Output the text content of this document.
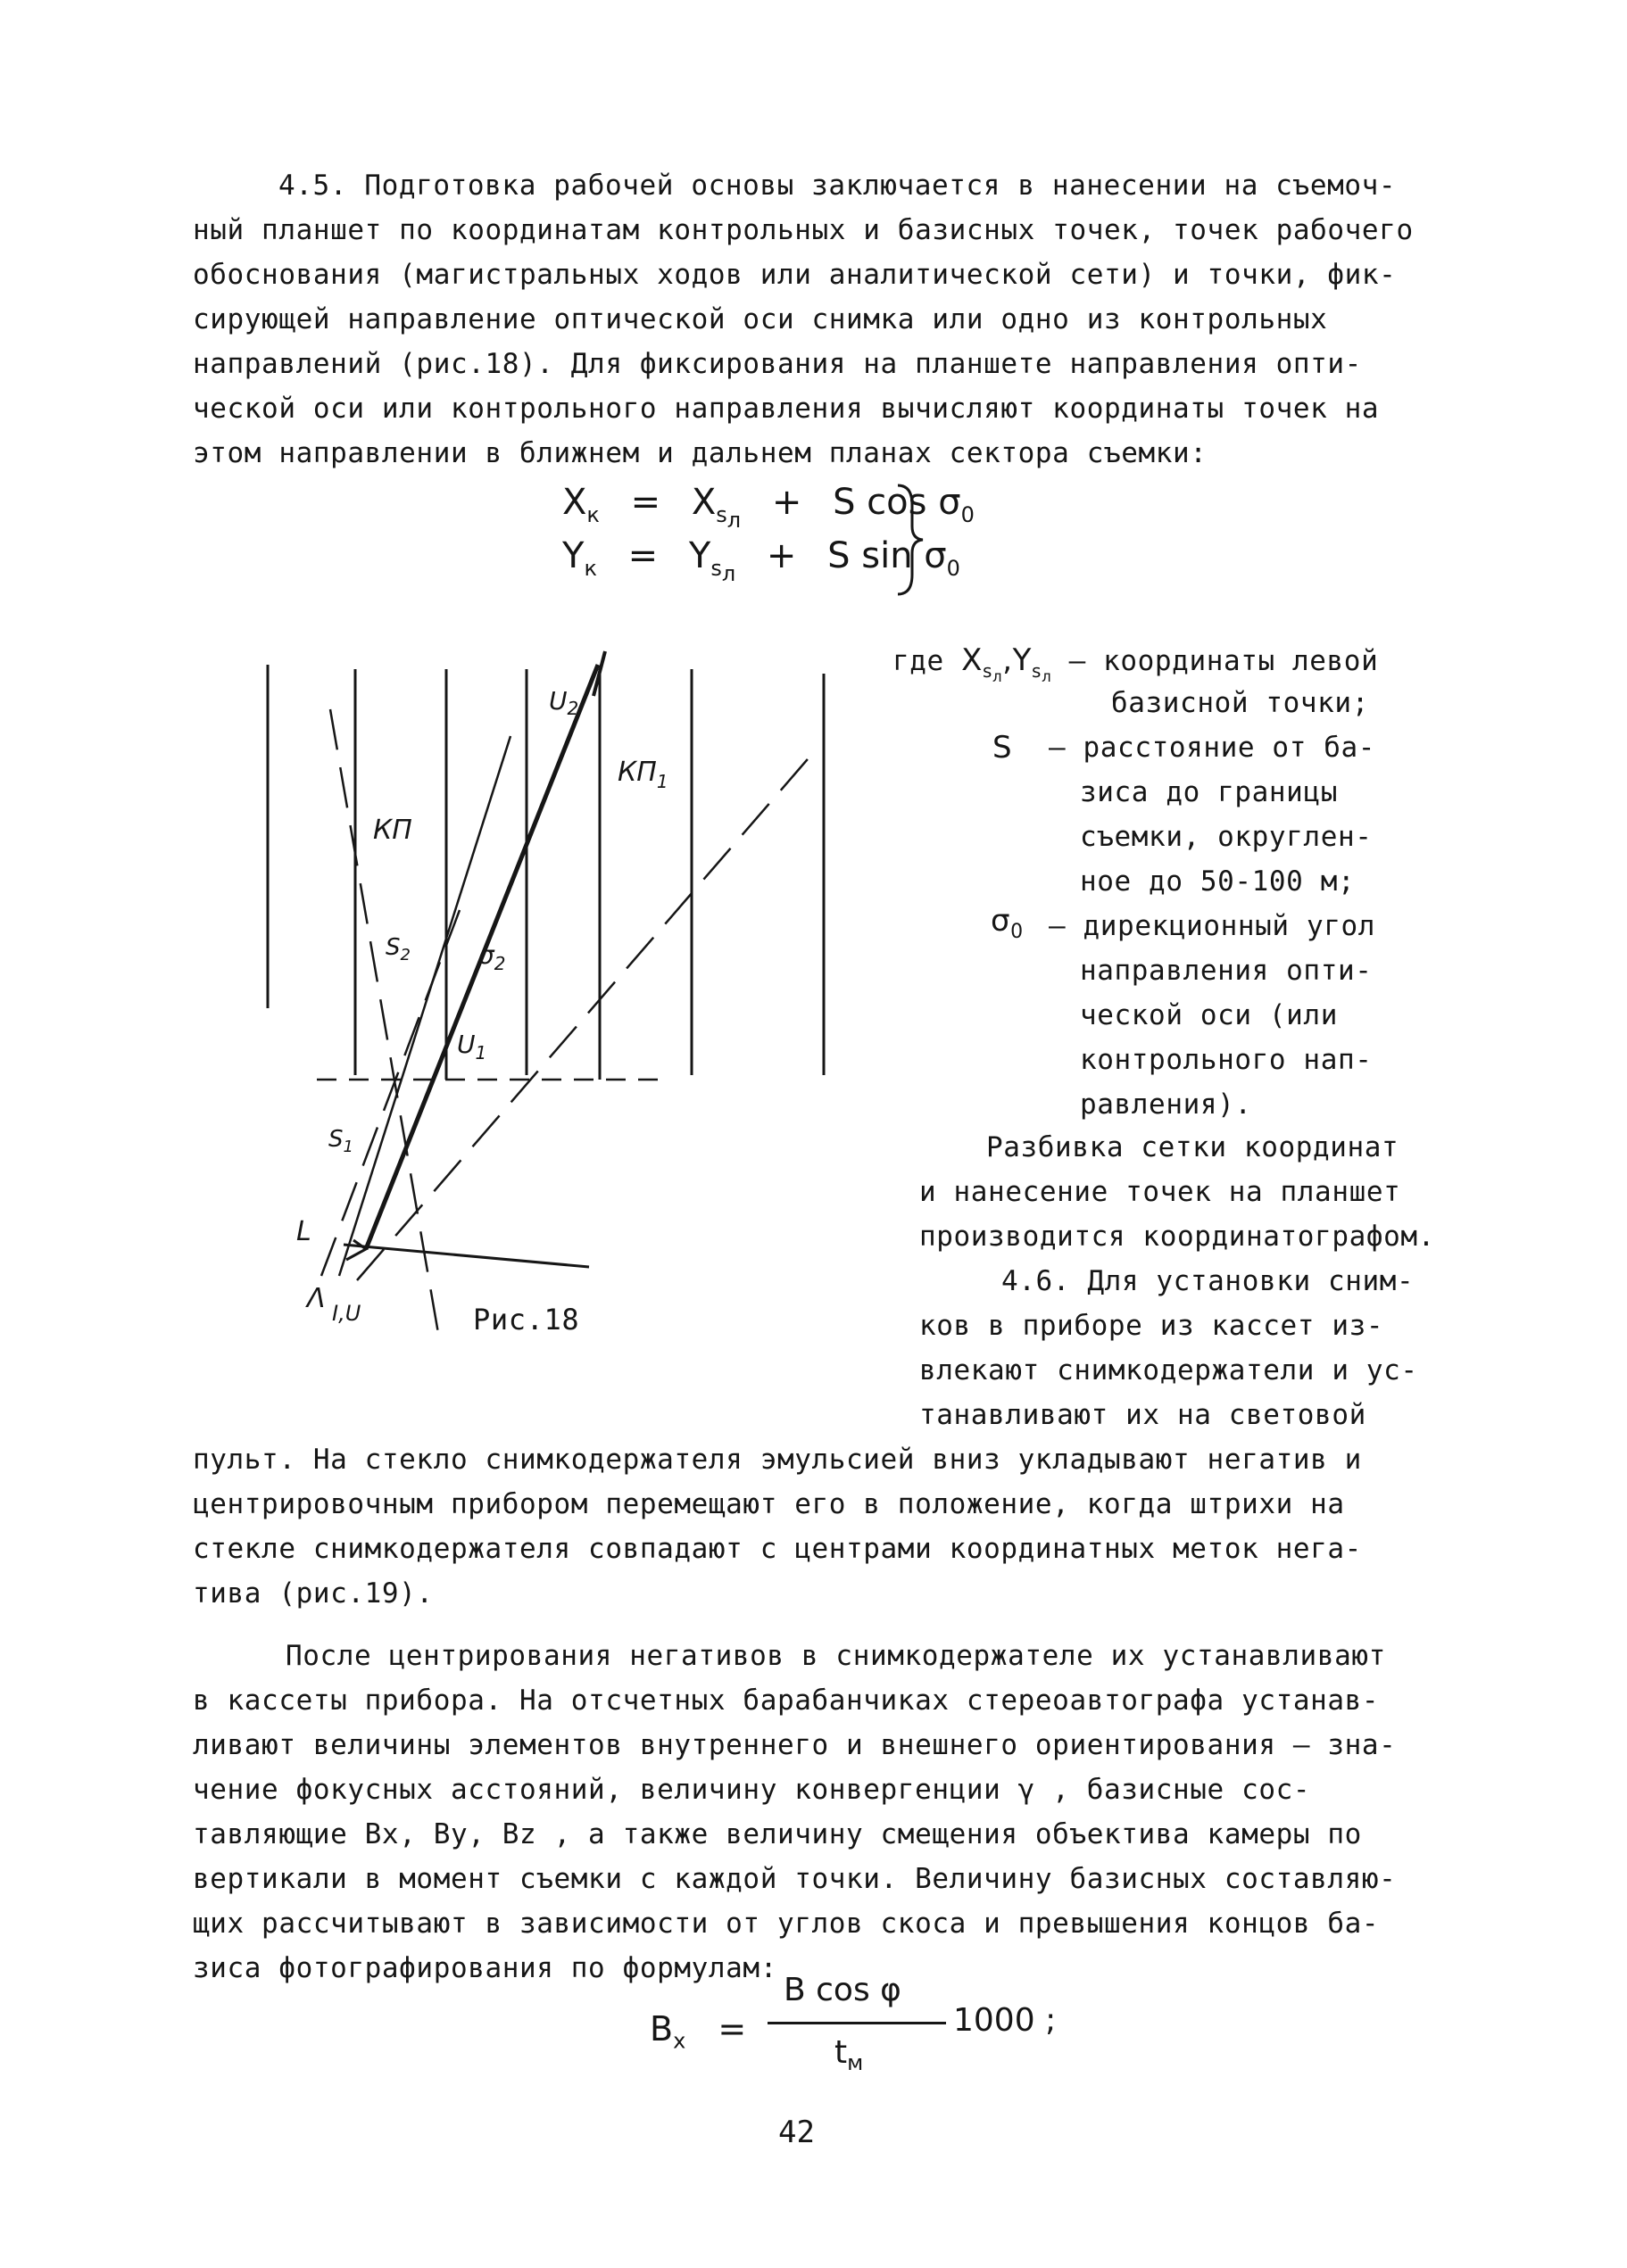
4.5. Подготовка рабочей основы заключается в нанесении на съемоч-
ный планшет по координатам контрольных и базисных точек, точек рабочего
обоснования (магистральных ходов или аналитической сети) и точки, фик-
сирующей направление оптической оси снимка или одно из контрольных
направлений (рис.18). Для фиксирования на планшете направления опти-
ческой оси или контрольного направления вычисляют координаты точек на
этом направлении в ближнем и дальнем планах сектора съемки:
$X_к = X_{s_л} + S$ $\cos \sigma_0$
$Y_к = Y_{s_л} + S$ $\sin \sigma_0$
КП
$U_2$
$КП_1$
$S_2$	$\sigma_2$
$U_1$
$S_1$
L
Λ I,U	Рис.18
где $X_{s_л},Y_{s_л}$ – координаты левой
базисной точки;
S – расстояние от ба-
зиса до границы
съемки, округлен-
ное до 50-100 м;
$\sigma_0$ – дирекционный угол
направления опти-
ческой оси (или
контрольного нап-
равления).
Разбивка сетки координат
и нанесение точек на планшет
производится координатографом.
4.6. Для установки сним-
ков в приборе из кассет из-
влекают снимкодержатели и ус-
танавливают их на световой
пульт. На стекло снимкодержателя эмульсией вниз укладывают негатив и
центрировочным прибором перемещают его в положение, когда штрихи на
стекле снимкодержателя совпадают с центрами координатных меток нега-
тива (рис.19).
После центрирования негативов в снимкодержателе их устанавливают
в кассеты прибора. На отсчетных барабанчиках стереоавтографа устанав-
ливают величины элементов внутреннего и внешнего ориентирования – зна-
чение фокусных асстояний, величину конвергенции γ , базисные сос-
тавляющие Bx, By, Bz , а также величину смещения объектива камеры по
вертикали в момент съемки с каждой точки. Величину базисных составляю-
щих рассчитывают в зависимости от углов скоса и превышения концов ба-
зиса фотографирования по формулам:
$B_x$ =
B cos φ
$t_м$
1000 ;
42
